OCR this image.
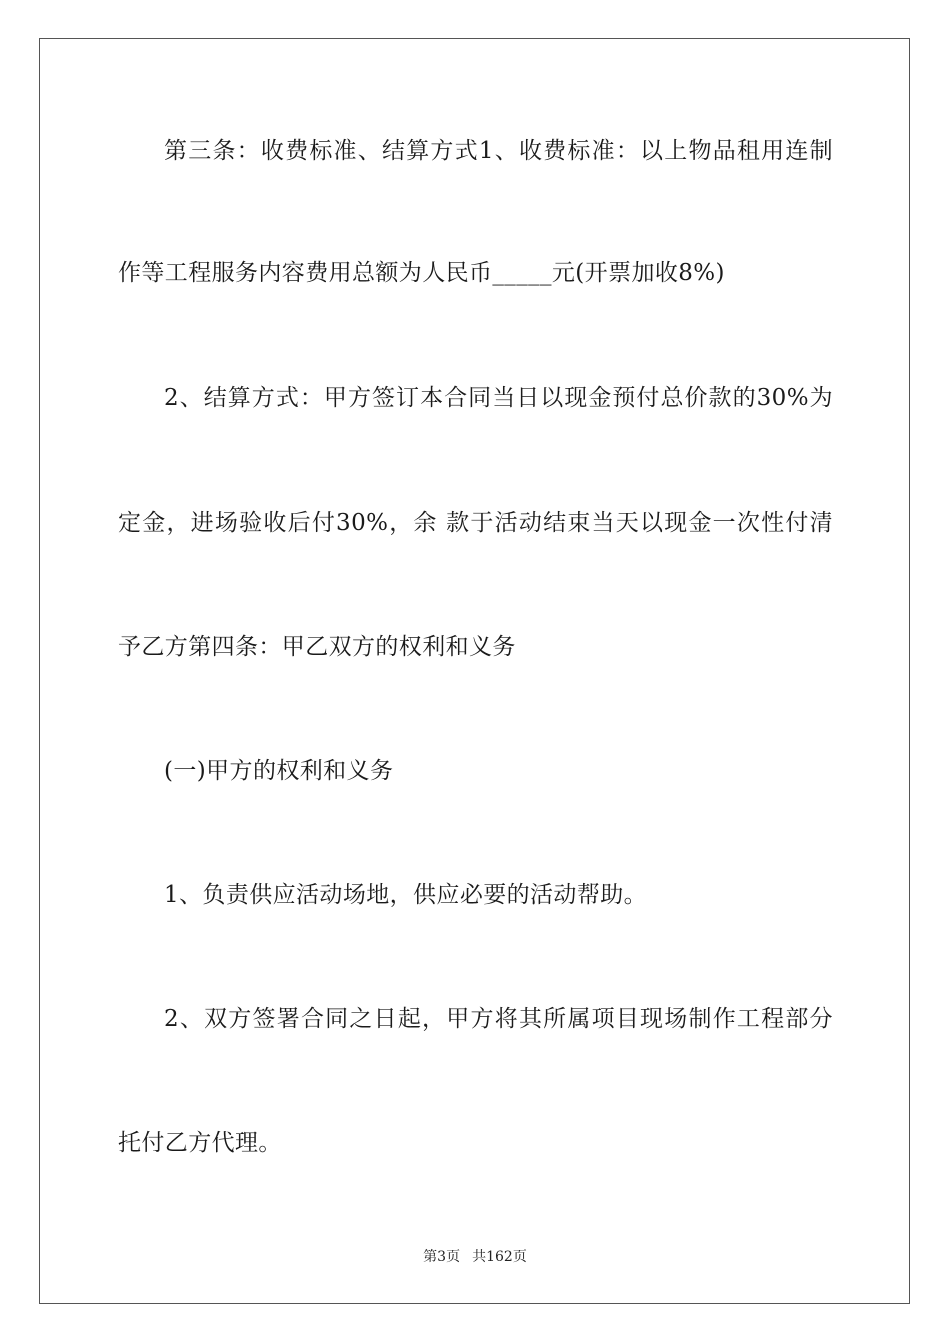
第三条：收费标准、结算方式1、收费标准：以上物品租用连制
作等工程服务内容费用总额为人民币_____元(开票加收8%)
2、结算方式：甲方签订本合同当日以现金预付总价款的30%为
定金，进场验收后付30%，余 款于活动结束当天以现金一次性付清
予乙方第四条：甲乙双方的权利和义务
(一)甲方的权利和义务
1、负责供应活动场地，供应必要的活动帮助。
2、双方签署合同之日起，甲方将其所属项目现场制作工程部分
托付乙方代理。
第3页 共162页
